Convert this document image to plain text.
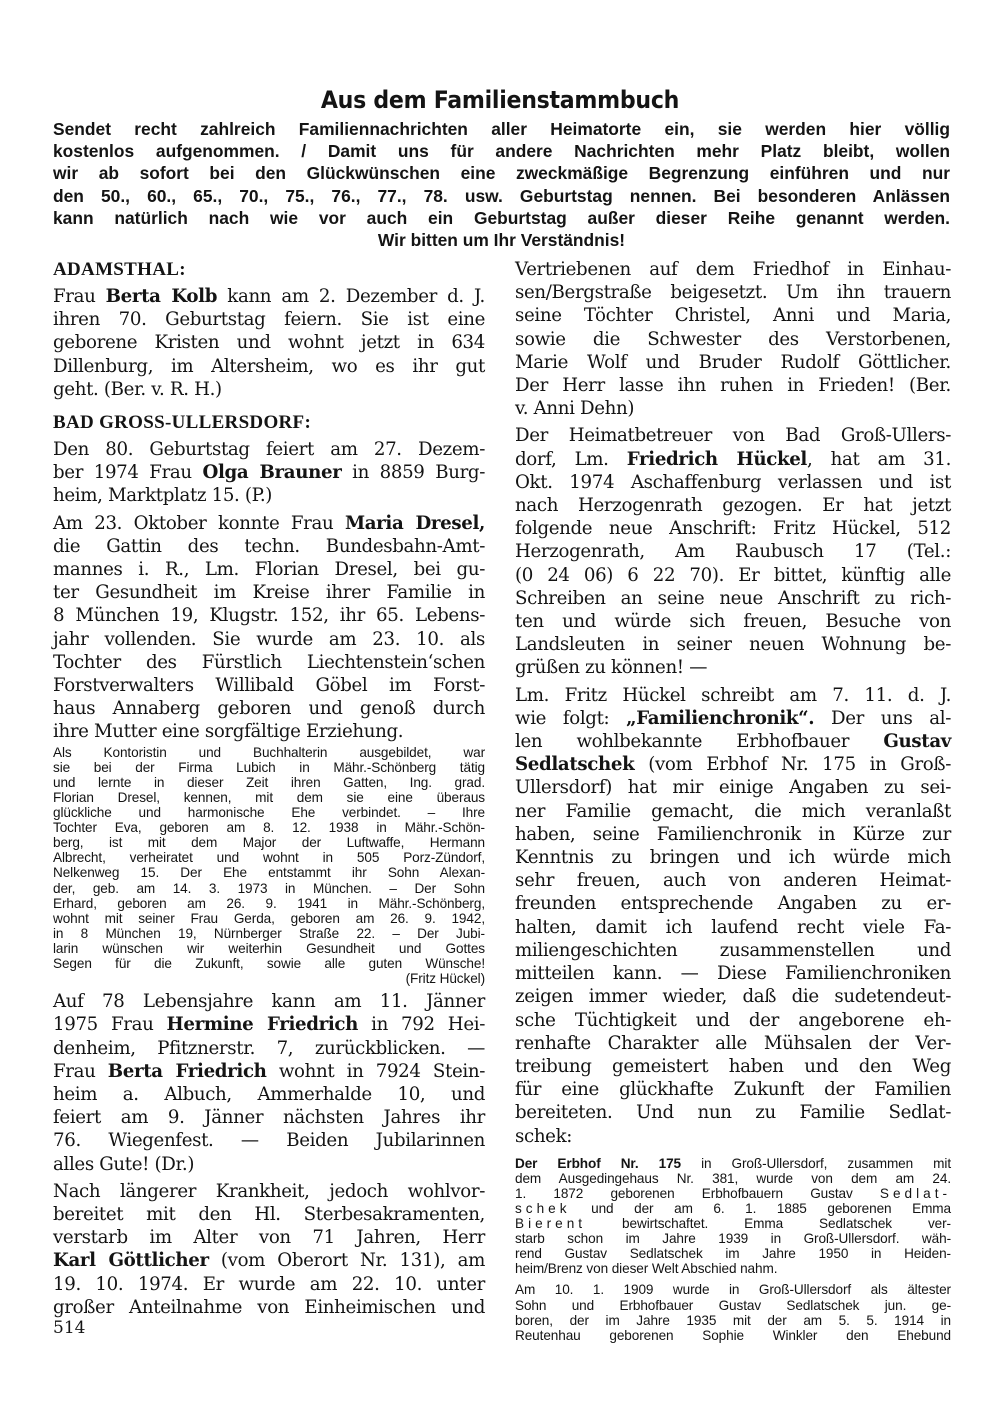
Aus dem Familienstammbuch
Sendet recht zahlreich Familiennachrichten aller Heimatorte ein, sie werden hier völlig
kostenlos aufgenommen. / Damit uns für andere Nachrichten mehr Platz bleibt, wollen
wir ab sofort bei den Glückwünschen eine zweckmäßige Begrenzung einführen und nur
den 50., 60., 65., 70., 75., 76., 77., 78. usw. Geburtstag nennen. Bei besonderen Anlässen
kann natürlich nach wie vor auch ein Geburtstag außer dieser Reihe genannt werden.
Wir bitten um Ihr Verständnis!
ADAMSTHAL:
Frau Berta Kolb kann am 2. Dezember d. J.
ihren 70. Geburtstag feiern. Sie ist eine
geborene Kristen und wohnt jetzt in 634
Dillenburg, im Altersheim, wo es ihr gut
geht. (Ber. v. R. H.)
BAD GROSS-ULLERSDORF:
Den 80. Geburtstag feiert am 27. Dezem-
ber 1974 Frau Olga Brauner in 8859 Burg-
heim, Marktplatz 15. (P.)
Am 23. Oktober konnte Frau Maria Dresel,
die Gattin des techn. Bundesbahn-Amt-
mannes i. R., Lm. Florian Dresel, bei gu-
ter Gesundheit im Kreise ihrer Familie in
8 München 19, Klugstr. 152, ihr 65. Lebens-
jahr vollenden. Sie wurde am 23. 10. als
Tochter des Fürstlich Liechtenstein‘schen
Forstverwalters Willibald Göbel im Forst-
haus Annaberg geboren und genoß durch
ihre Mutter eine sorgfältige Erziehung.
Als Kontoristin und Buchhalterin ausgebildet, war
sie bei der Firma Lubich in Mähr.-Schönberg tätig
und lernte in dieser Zeit ihren Gatten, Ing. grad.
Florian Dresel, kennen, mit dem sie eine überaus
glückliche und harmonische Ehe verbindet. – Ihre
Tochter Eva, geboren am 8. 12. 1938 in Mähr.-Schön-
berg, ist mit dem Major der Luftwaffe, Hermann
Albrecht, verheiratet und wohnt in 505 Porz-Zündorf,
Nelkenweg 15. Der Ehe entstammt ihr Sohn Alexan-
der, geb. am 14. 3. 1973 in München. – Der Sohn
Erhard, geboren am 26. 9. 1941 in Mähr.-Schönberg,
wohnt mit seiner Frau Gerda, geboren am 26. 9. 1942,
in 8 München 19, Nürnberger Straße 22. – Der Jubi-
larin wünschen wir weiterhin Gesundheit und Gottes
Segen für die Zukunft, sowie alle guten Wünsche!
(Fritz Hückel)
Auf 78 Lebensjahre kann am 11. Jänner
1975 Frau Hermine Friedrich in 792 Hei-
denheim, Pfitznerstr. 7, zurückblicken. —
Frau Berta Friedrich wohnt in 7924 Stein-
heim a. Albuch, Ammerhalde 10, und
feiert am 9. Jänner nächsten Jahres ihr
76. Wiegenfest. — Beiden Jubilarinnen
alles Gute! (Dr.)
Nach längerer Krankheit, jedoch wohlvor-
bereitet mit den Hl. Sterbesakramenten,
verstarb im Alter von 71 Jahren, Herr
Karl Göttlicher (vom Oberort Nr. 131), am
19. 10. 1974. Er wurde am 22. 10. unter
großer Anteilnahme von Einheimischen und
Vertriebenen auf dem Friedhof in Einhau-
sen/Bergstraße beigesetzt. Um ihn trauern
seine Töchter Christel, Anni und Maria,
sowie die Schwester des Verstorbenen,
Marie Wolf und Bruder Rudolf Göttlicher.
Der Herr lasse ihn ruhen in Frieden! (Ber.
v. Anni Dehn)
Der Heimatbetreuer von Bad Groß-Ullers-
dorf, Lm. Friedrich Hückel, hat am 31.
Okt. 1974 Aschaffenburg verlassen und ist
nach Herzogenrath gezogen. Er hat jetzt
folgende neue Anschrift: Fritz Hückel, 512
Herzogenrath, Am Raubusch 17 (Tel.:
(0 24 06) 6 22 70). Er bittet, künftig alle
Schreiben an seine neue Anschrift zu rich-
ten und würde sich freuen, Besuche von
Landsleuten in seiner neuen Wohnung be-
grüßen zu können! —
Lm. Fritz Hückel schreibt am 7. 11. d. J.
wie folgt: „Familienchronik“. Der uns al-
len wohlbekannte Erbhofbauer Gustav
Sedlatschek (vom Erbhof Nr. 175 in Groß-
Ullersdorf) hat mir einige Angaben zu sei-
ner Familie gemacht, die mich veranlaßt
haben, seine Familienchronik in Kürze zur
Kenntnis zu bringen und ich würde mich
sehr freuen, auch von anderen Heimat-
freunden entsprechende Angaben zu er-
halten, damit ich laufend recht viele Fa-
miliengeschichten zusammenstellen und
mitteilen kann. — Diese Familienchroniken
zeigen immer wieder, daß die sudetendeut-
sche Tüchtigkeit und der angeborene eh-
renhafte Charakter alle Mühsalen der Ver-
treibung gemeistert haben und den Weg
für eine glückhafte Zukunft der Familien
bereiteten. Und nun zu Familie Sedlat-
schek:
Der Erbhof Nr. 175 in Groß-Ullersdorf, zusammen mit
dem Ausgedingehaus Nr. 381, wurde von dem am 24.
1. 1872 geborenen Erbhofbauern Gustav Sedlat-
schek und der am 6. 1. 1885 geborenen Emma
Bierent bewirtschaftet. Emma Sedlatschek ver-
starb schon im Jahre 1939 in Groß-Ullersdorf. wäh-
rend Gustav Sedlatschek im Jahre 1950 in Heiden-
heim/Brenz von dieser Welt Abschied nahm.
Am 10. 1. 1909 wurde in Groß-Ullersdorf als ältester
Sohn und Erbhofbauer Gustav Sedlatschek jun. ge-
boren, der im Jahre 1935 mit der am 5. 5. 1914 in
Reutenhau geborenen Sophie Winkler den Ehebund
514
